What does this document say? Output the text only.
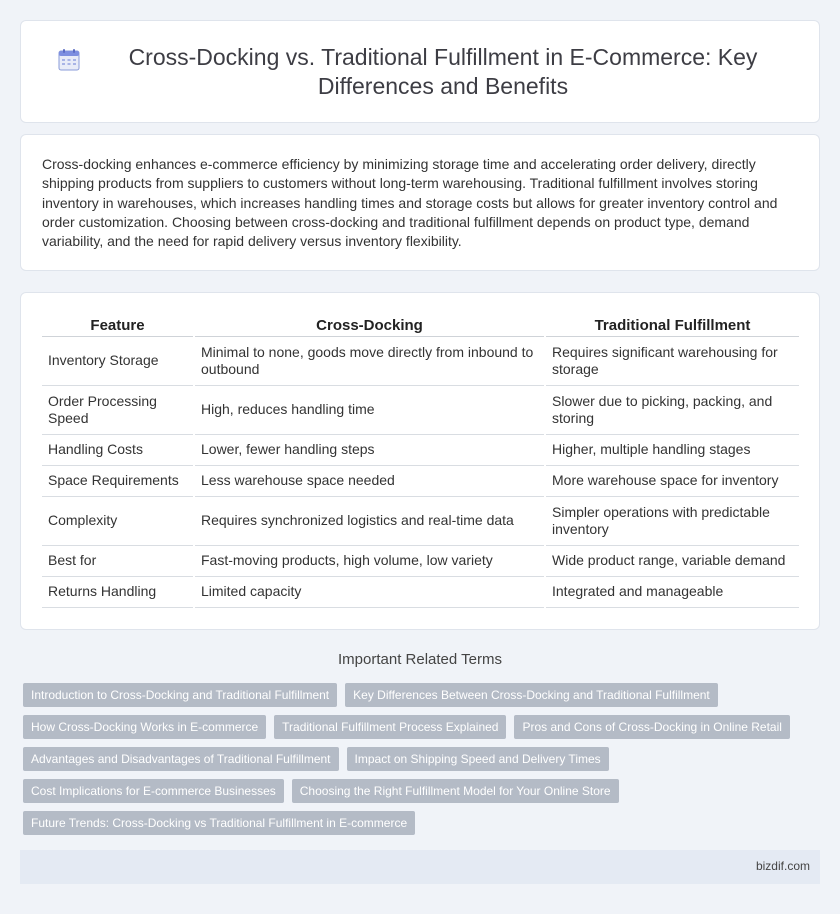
Cross-Docking vs. Traditional Fulfillment in E-Commerce: Key Differences and Benefits

Cross-docking enhances e-commerce efficiency by minimizing storage time and accelerating order delivery, directly shipping products from suppliers to customers without long-term warehousing. Traditional fulfillment involves storing inventory in warehouses, which increases handling times and storage costs but allows for greater inventory control and order customization. Choosing between cross-docking and traditional fulfillment depends on product type, demand variability, and the need for rapid delivery versus inventory flexibility.

Feature		Cross-Docking		Traditional Fulfillment
Inventory Storage		Minimal to none, goods move directly from inbound to outbound		Requires significant warehousing for storage
Order Processing Speed		High, reduces handling time		Slower due to picking, packing, and storing
Handling Costs		Lower, fewer handling steps		Higher, multiple handling stages
Space Requirements		Less warehouse space needed		More warehouse space for inventory
Complexity		Requires synchronized logistics and real-time data		Simpler operations with predictable inventory
Best for		Fast-moving products, high volume, low variety		Wide product range, variable demand
Returns Handling		Limited capacity		Integrated and manageable
Important Related Terms
Introduction to Cross-Docking and Traditional Fulfillment	Key Differences Between Cross-Docking and Traditional Fulfillment
How Cross-Docking Works in E-commerce	Traditional Fulfillment Process Explained	Pros and Cons of Cross-Docking in Online Retail
Advantages and Disadvantages of Traditional Fulfillment	Impact on Shipping Speed and Delivery Times
Cost Implications for E-commerce Businesses	Choosing the Right Fulfillment Model for Your Online Store
Future Trends: Cross-Docking vs Traditional Fulfillment in E-commerce
bizdif.com
